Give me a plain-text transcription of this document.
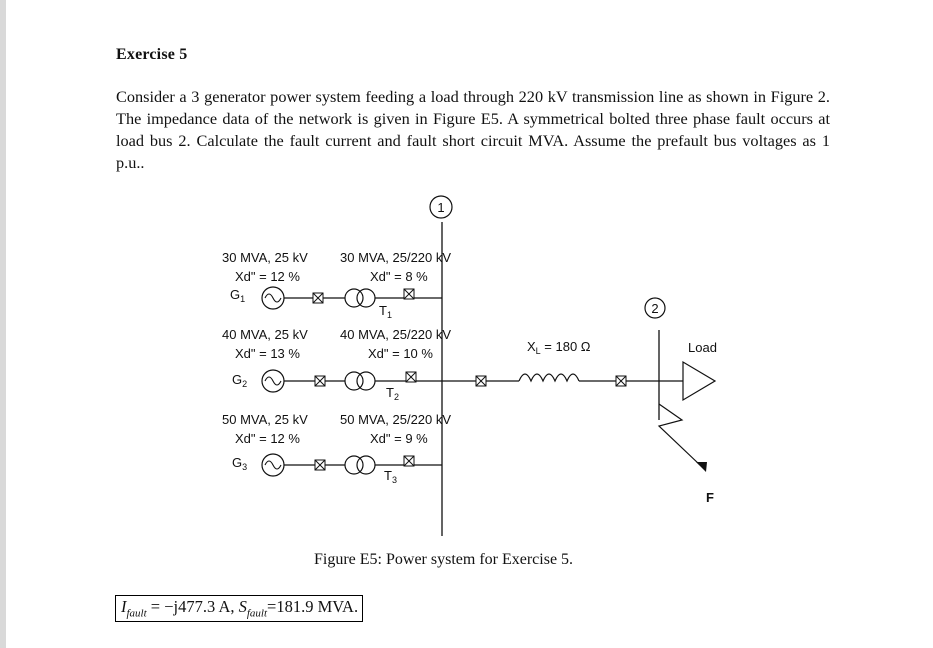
Exercise 5

Consider a 3 generator power system feeding a load through 220 kV transmission line as shown in Figure 2. The impedance data of the network is given in Figure E5. A symmetrical bolted three phase fault occurs at load bus 2. Calculate the fault current and fault short circuit MVA. Assume the prefault bus voltages as 1 p.u..

1
30 MVA, 25 kV
Xd" = 12 %
$G_1$
30 MVA, 25/220 kV
Xd" = 8 %
$T_1$
40 MVA, 25 kV
Xd" = 13 %
$G_2$
40 MVA, 25/220 kV
Xd" = 10 %
$T_2$
50 MVA, 25 kV
Xd" = 12 %
$G_3$
50 MVA, 25/220 kV
Xd" = 9 %
$T_3$
$X_L = 180$ Ω
2
Load
F
Figure E5: Power system for Exercise 5.
$I_{fault} = -j477.3$ A, $S_{fault}=181.9$ MVA.
